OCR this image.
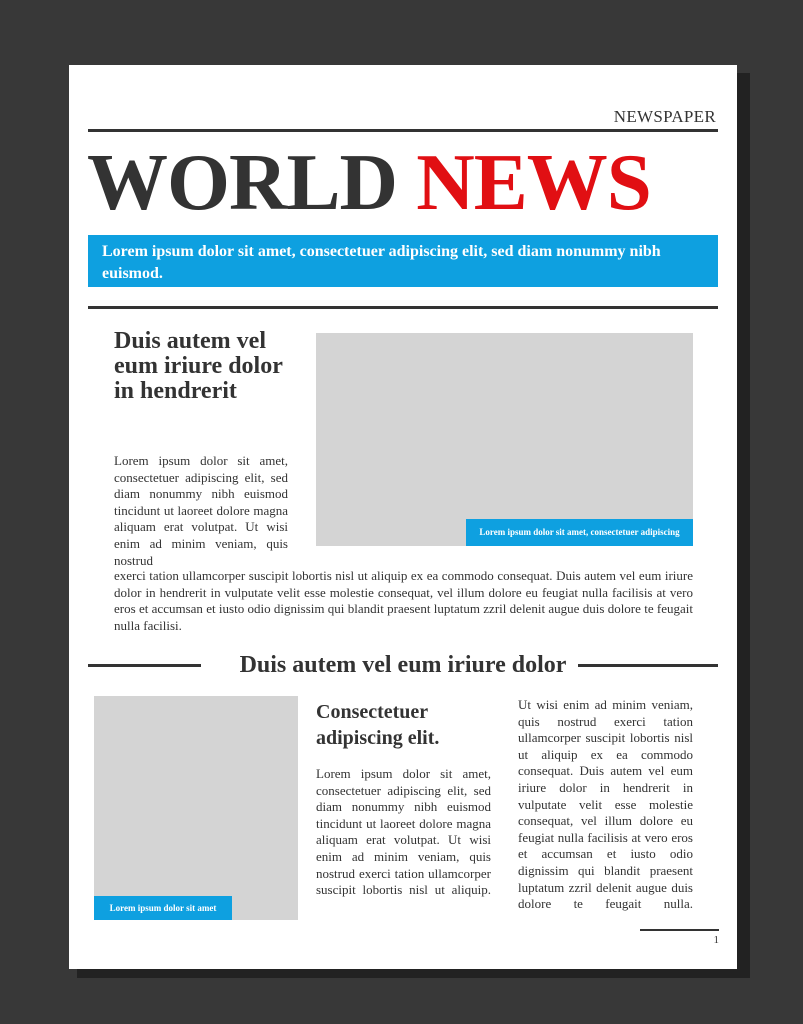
NEWSPAPER
WORLD NEWS
Lorem ipsum dolor sit amet, consectetuer adipiscing elit, sed diam nonummy nibh euismod.
Duis autem vel eum iriure dolor in hendrerit
Lorem ipsum dolor sit amet, consectetuer adipiscing elit, sed diam nonummy nibh euismod tincidunt ut laoreet dolore magna aliquam erat volutpat. Ut wisi enim ad minim veniam, quis nostrud
Lorem ipsum dolor sit amet, consectetuer adipiscing
exerci tation ullamcorper suscipit lobortis nisl ut aliquip ex ea commodo consequat. Duis autem vel eum iriure dolor in hendrerit in vulputate velit esse molestie consequat, vel illum dolore eu feugiat nulla facilisis at vero eros et accumsan et iusto odio dignissim qui blandit praesent luptatum zzril delenit augue duis dolore te feugait nulla facilisi.
Duis autem vel eum iriure dolor
Lorem ipsum dolor sit amet
Consectetuer adipiscing elit.
Lorem ipsum dolor sit amet, consectetuer adipiscing elit, sed diam nonummy nibh euismod tincidunt ut laoreet dolore magna aliquam erat volutpat. Ut wisi enim ad minim veniam, quis nostrud exerci tation ullamcorper suscipit lobortis nisl ut aliquip.
Ut wisi enim ad minim veniam, quis nostrud exerci tation ullamcorper suscipit lobortis nisl ut aliquip ex ea commodo consequat. Duis autem vel eum iriure dolor in hendrerit in vulputate velit esse molestie consequat, vel illum dolore eu feugiat nulla facilisis at vero eros et accumsan et iusto odio dignissim qui blandit praesent luptatum zzril delenit augue duis dolore te feugait nulla.
1
